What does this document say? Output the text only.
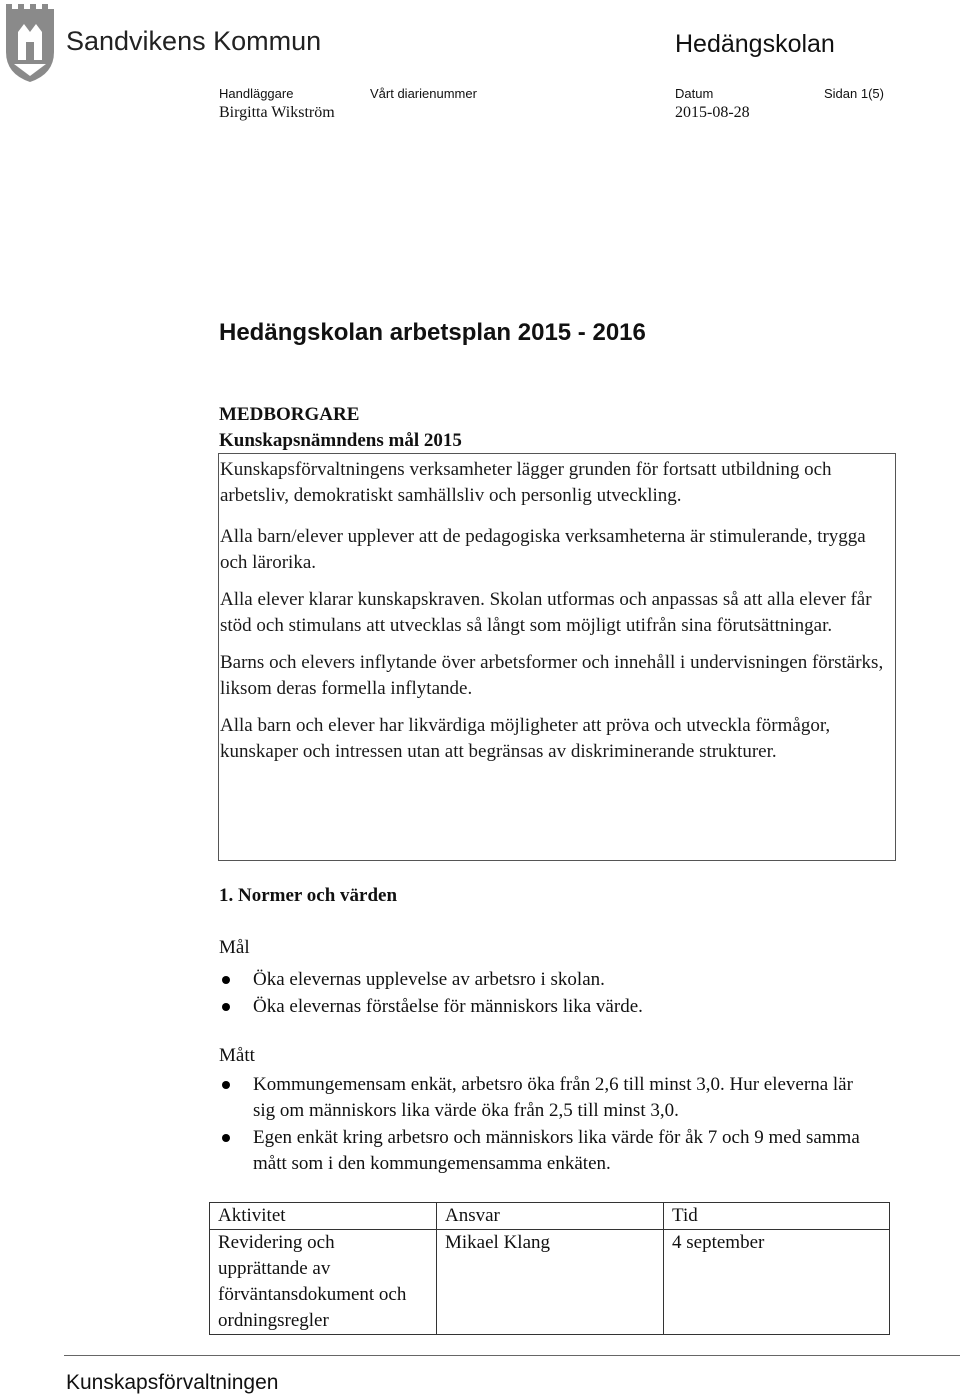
Sandvikens Kommun	Hedängskolan
Handläggare	Vårt diarienummer	Datum	Sidan 1(5)
Birgitta Wikström	2015-08-28
Hedängskolan arbetsplan 2015 - 2016
MEDBORGARE
Kunskapsnämndens mål 2015

Kunskapsförvaltningens verksamheter lägger grunden för fortsatt utbildning och arbetsliv, demokratiskt samhällsliv och personlig utveckling.

Alla barn/elever upplever att de pedagogiska verksamheterna är stimulerande, trygga och lärorika.

Alla elever klarar kunskapskraven. Skolan utformas och anpassas så att alla elever får stöd och stimulans att utvecklas så långt som möjligt utifrån sina förutsättningar.

Barns och elevers inflytande över arbetsformer och innehåll i undervisningen förstärks, liksom deras formella inflytande.

Alla barn och elever har likvärdiga möjligheter att pröva och utveckla förmågor, kunskaper och intressen utan att begränsas av diskriminerande strukturer.

1. Normer och värden
Mål
Öka elevernas upplevelse av arbetsro i skolan.
Öka elevernas förståelse för människors lika värde.
Mått
Kommungemensam enkät, arbetsro öka från 2,6 till minst 3,0. Hur eleverna lär sig om människors lika värde öka från 2,5 till minst 3,0.
Egen enkät kring arbetsro och människors lika värde för åk 7 och 9 med samma mått som i den kommungemensamma enkäten.
Aktivitet	Ansvar	Tid
Revidering och upprättande av förväntansdokument och ordningsregler	Mikael Klang	4 september
Kunskapsförvaltningen
